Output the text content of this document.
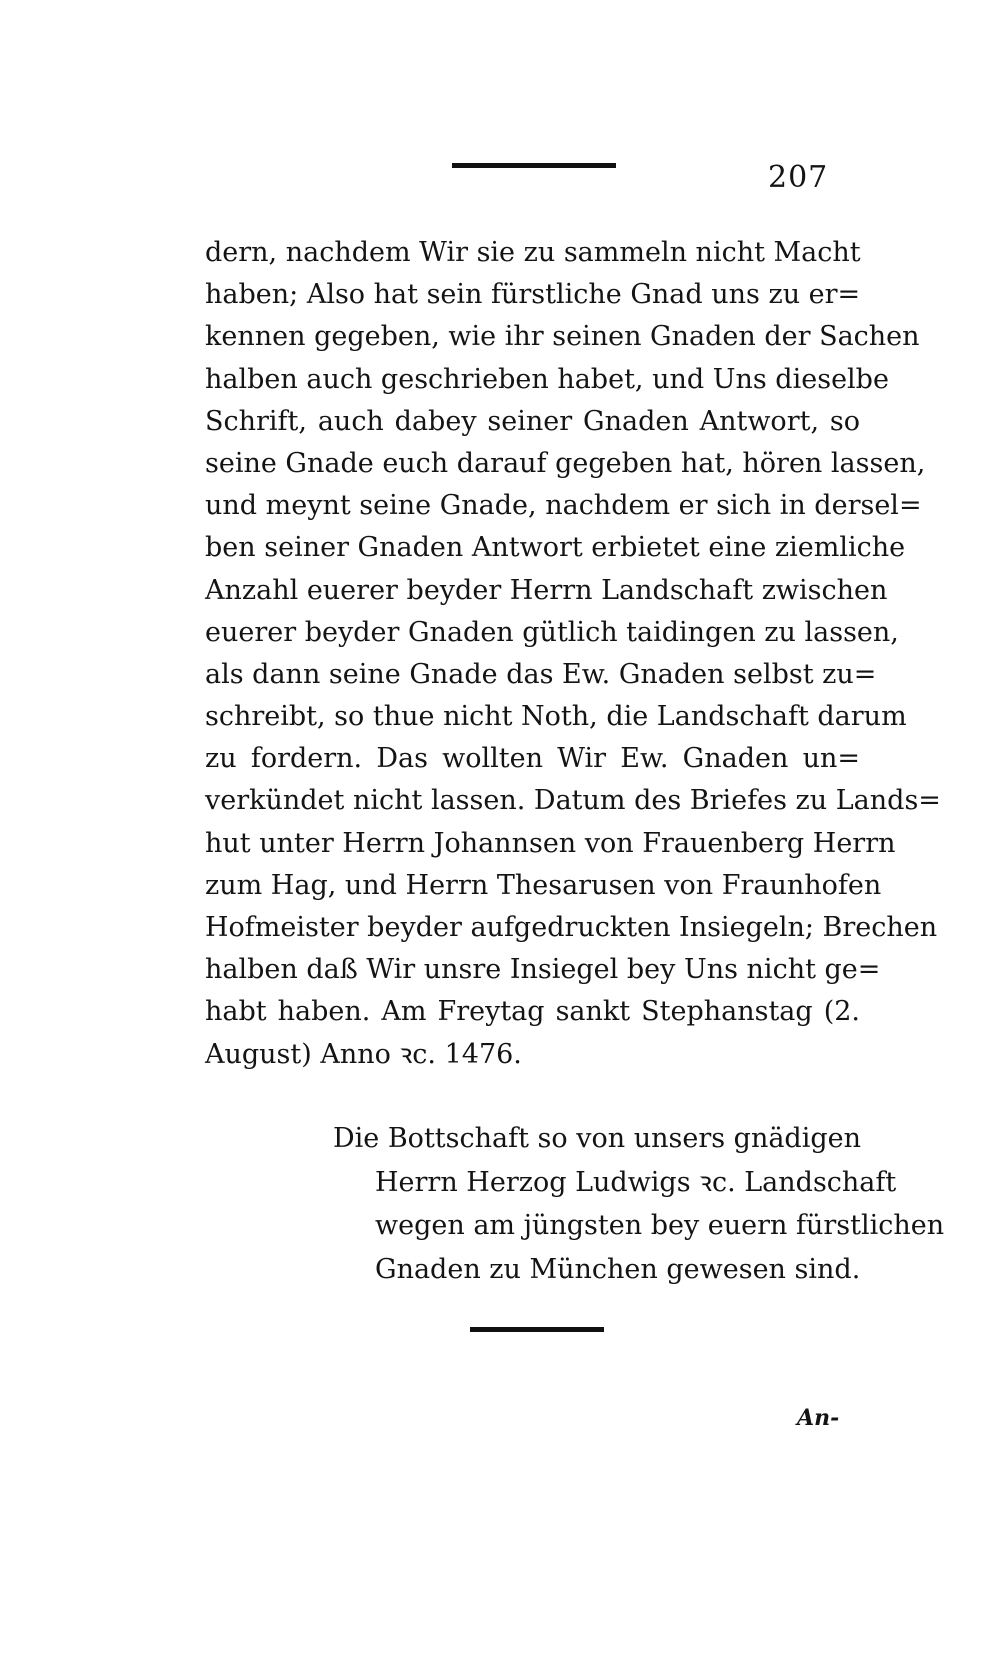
207
dern, nachdem Wir sie zu sammeln nicht Macht
haben; Also hat sein fürstliche Gnad uns zu er=
kennen gegeben, wie ihr seinen Gnaden der Sachen
halben auch geschrieben habet, und Uns dieselbe
Schrift, auch dabey seiner Gnaden Antwort, so
seine Gnade euch darauf gegeben hat, hören lassen,
und meynt seine Gnade, nachdem er sich in dersel=
ben seiner Gnaden Antwort erbietet eine ziemliche
Anzahl euerer beyder Herrn Landschaft zwischen
euerer beyder Gnaden gütlich taidingen zu lassen,
als dann seine Gnade das Ew. Gnaden selbst zu=
schreibt, so thue nicht Noth, die Landschaft darum
zu fordern. Das wollten Wir Ew. Gnaden un=
verkündet nicht lassen. Datum des Briefes zu Lands=
hut unter Herrn Johannsen von Frauenberg Herrn
zum Hag, und Herrn Thesarusen von Fraunhofen
Hofmeister beyder aufgedruckten Insiegeln; Brechen
halben daß Wir unsre Insiegel bey Uns nicht ge=
habt haben. Am Freytag sankt Stephanstag (2.
August) Anno ꝛc. 1476.
Die Bottschaft so von unsers gnädigen
Herrn Herzog Ludwigs ꝛc. Landschaft
wegen am jüngsten bey euern fürstlichen
Gnaden zu München gewesen sind.
An-
